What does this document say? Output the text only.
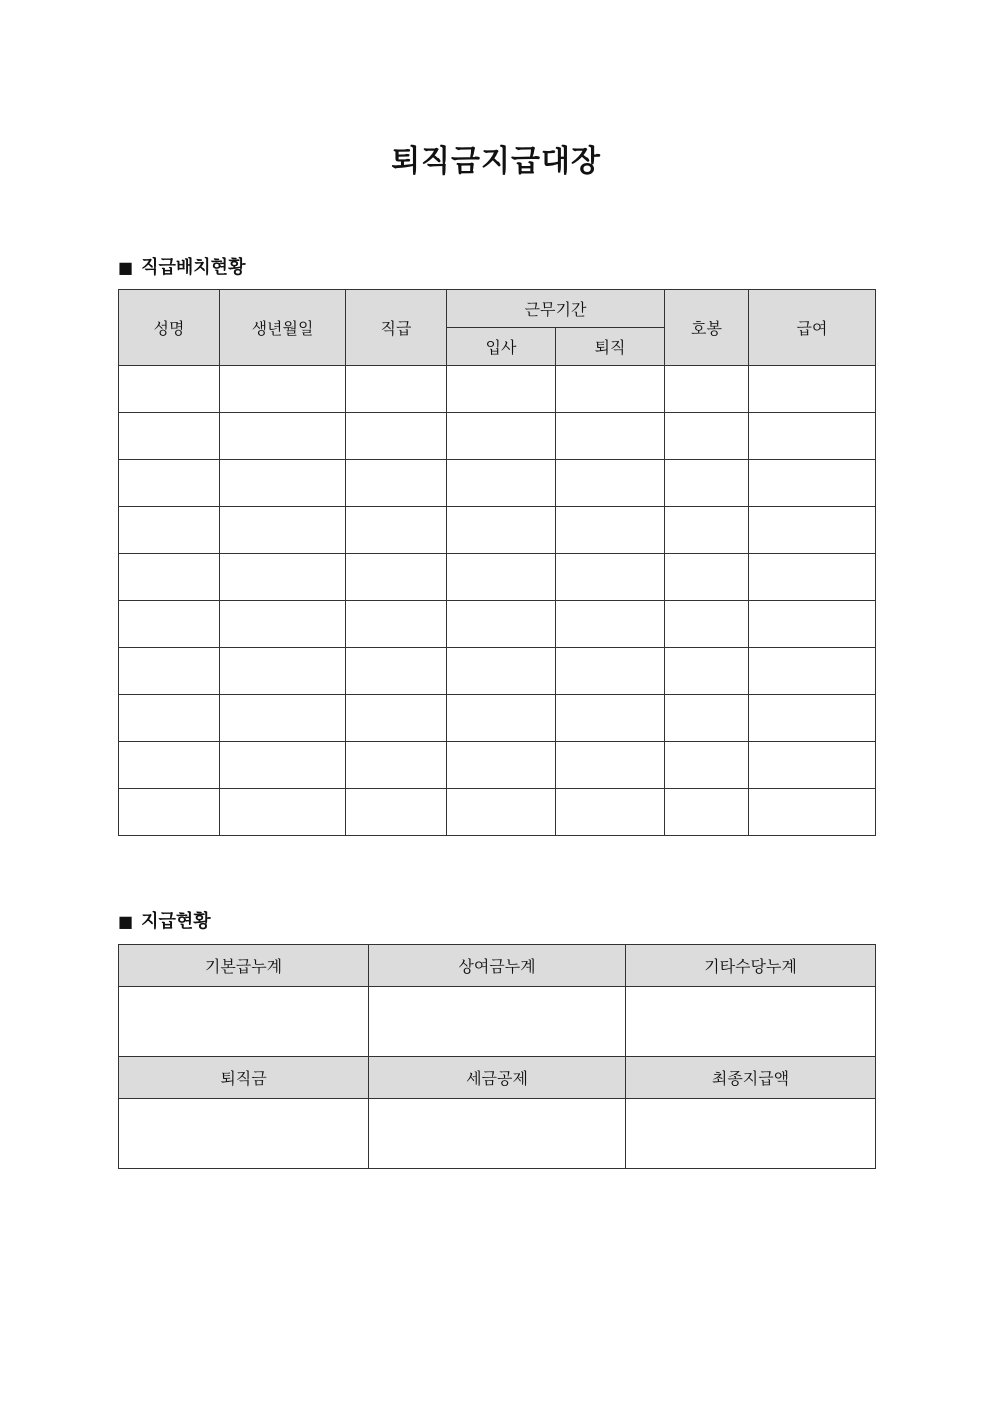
퇴직금지급대장
■ 직급배치현황
성명	생년월일	직급	근무기간		호봉	급여
			입사	퇴직		

■ 지급현황
기본급누계	상여금누계	기타수당누계

퇴직금	세금공제	최종지급액
